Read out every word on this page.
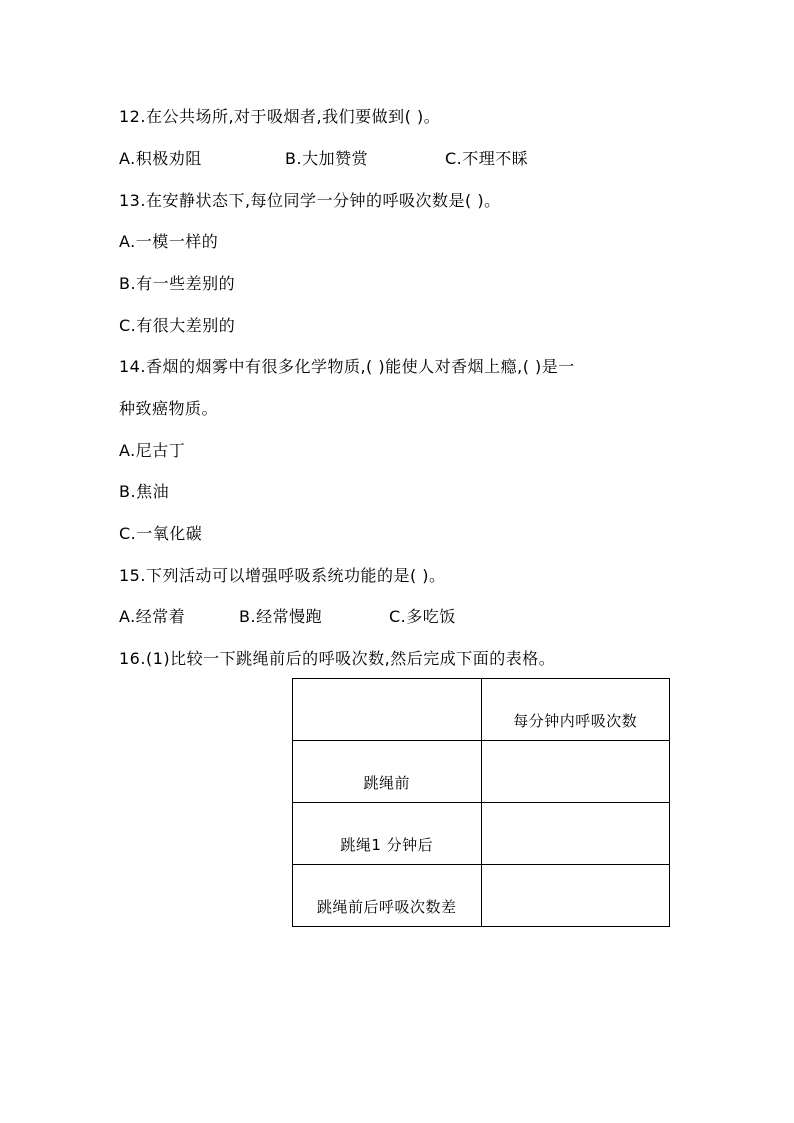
12.在公共场所,对于吸烟者,我们要做到( )。
A.积极劝阻	B.大加赞赏	C.不理不睬
13.在安静状态下,每位同学一分钟的呼吸次数是( )。
A.一模一样的
B.有一些差别的
C.有很大差别的
14.香烟的烟雾中有很多化学物质,( )能使人对香烟上瘾,( )是一
种致癌物质。
A.尼古丁
B.焦油
C.一氧化碳
15.下列活动可以增强呼吸系统功能的是( )。
A.经常着	B.经常慢跑	C.多吃饭
16.(1)比较一下跳绳前后的呼吸次数,然后完成下面的表格。
	每分钟内呼吸次数
跳绳前	
跳绳1 分钟后	
跳绳前后呼吸次数差	
